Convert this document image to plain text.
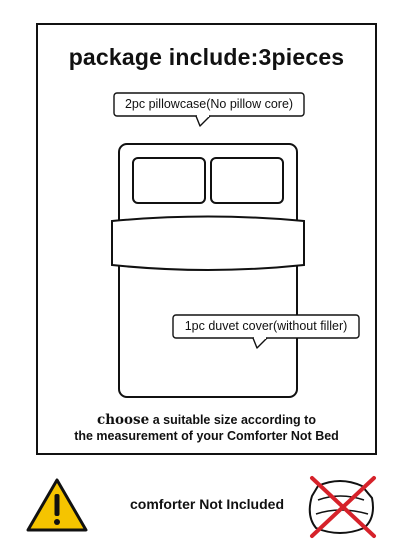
package include:3pieces
2pc pillowcase(No pillow core)
1pc duvet cover(without filler)
choose a suitable size according to
the measurement of your Comforter Not Bed
comforter Not Included
